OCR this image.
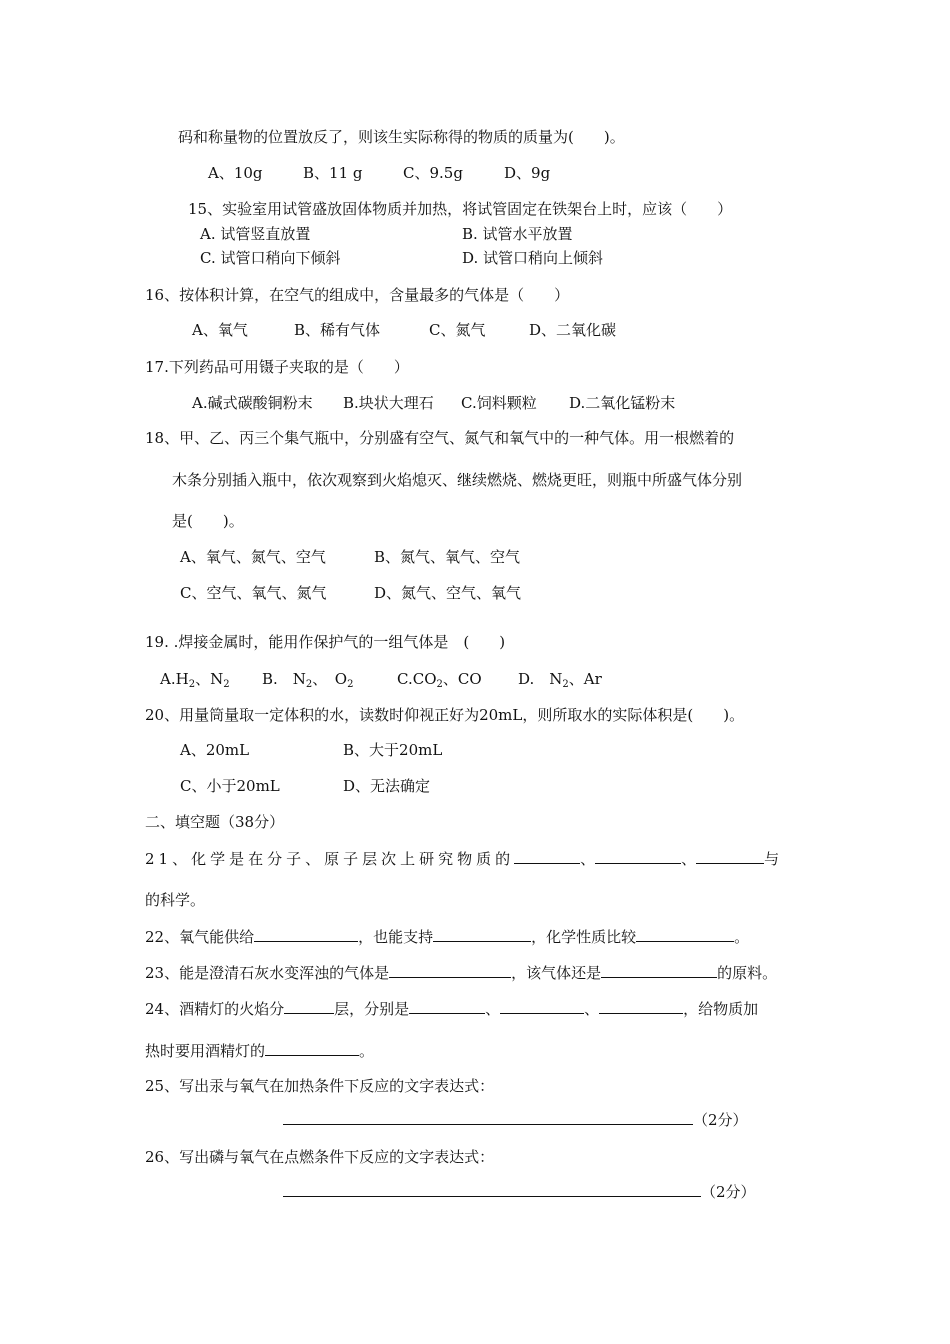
码和称量物的位置放反了，则该生实际称得的物质的质量为(　　)。
A、10g	B、11 g	C、9.5g	D、9g
15、实验室用试管盛放固体物质并加热，将试管固定在铁架台上时，应该（　　）
A. 试管竖直放置	B. 试管水平放置
C. 试管口稍向下倾斜	D. 试管口稍向上倾斜
16、按体积计算，在空气的组成中，含量最多的气体是（　　）
A、氧气	B、稀有气体	C、氮气	D、二氧化碳
17.下列药品可用镊子夹取的是（　　）
A.碱式碳酸铜粉末 B.块状大理石 C.饲料颗粒 D.二氧化锰粉末
18、甲、乙、丙三个集气瓶中，分别盛有空气、氮气和氧气中的一种气体。用一根燃着的
木条分别插入瓶中，依次观察到火焰熄灭、继续燃烧、燃烧更旺，则瓶中所盛气体分别
是(　　)。
A、氧气、氮气、空气	B、氮气、氧气、空气
C、空气、氧气、氮气	D、氮气、空气、氧气
19. .焊接金属时，能用作保护气的一组气体是　(　　)
$A.H_2$、$N_2$ B.　$N_2$、　$O_2$	$C.CO_2$、CO D.　$N_2$、Ar
20、用量筒量取一定体积的水，读数时仰视正好为20mL，则所取水的实际体积是(　　)。
A、20mL	B、大于20mL
C、小于20mL	D、无法确定
二、填空题（38分）
21、化学是在分子、原子层次上研究物质的	、	、	与
的科学。
22、氧气能供给	，也能支持	，化学性质比较	。
23、能是澄清石灰水变浑浊的气体是	，该气体还是	的原料。
24、酒精灯的火焰分	层，分别是	、	、	，给物质加
热时要用酒精灯的	。
25、写出汞与氧气在加热条件下反应的文字表达式：
（2分）
26、写出磷与氧气在点燃条件下反应的文字表达式：
（2分）
